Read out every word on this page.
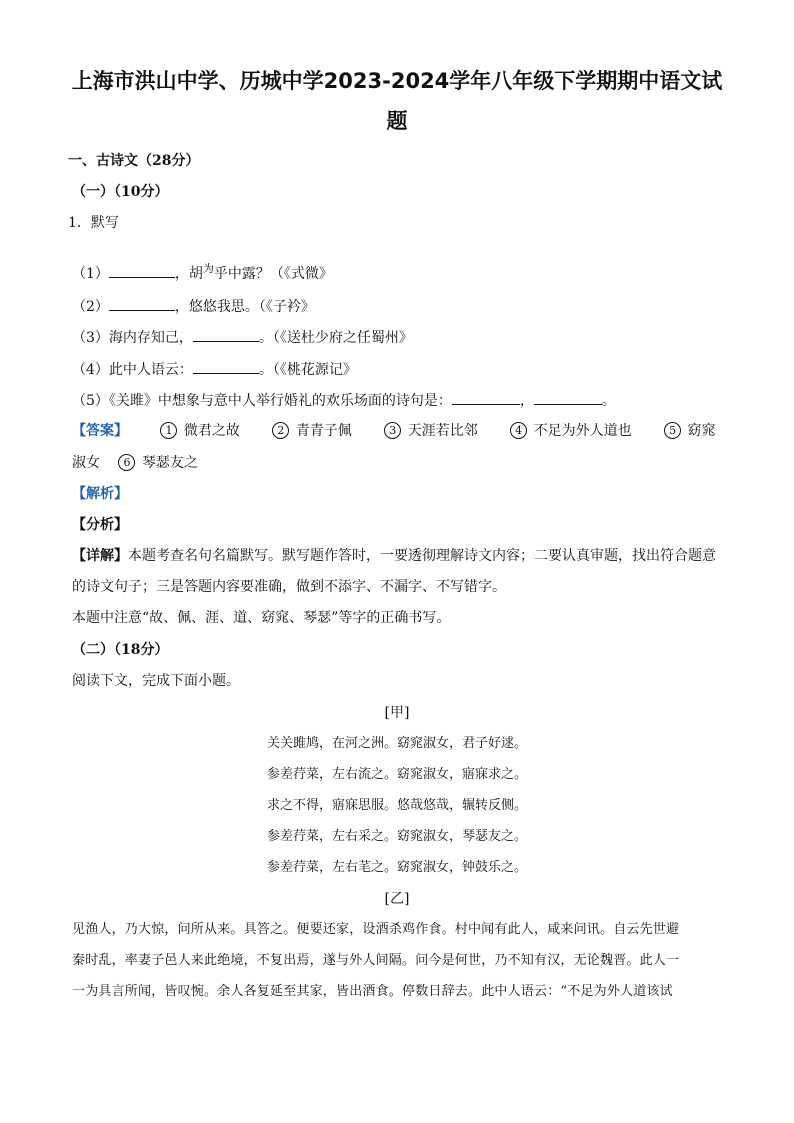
上海市洪山中学、历城中学2023-2024学年八年级下学期期中语文试
题
一、古诗文（28分）
（一）（10分）
1．默写
（1）	，胡$^为$乎中露？（《式微》
（2）	，悠悠我思。（《子衿》
（3）海内存知己，	。（《送杜少府之任蜀州》
（4）此中人语云：	。（《桃花源记》
（5）《关雎》中想象与意中人举行婚礼的欢乐场面的诗句是：	，	。
【答案】	1 微君之故	2 青青子佩	3 天涯若比邻	4 不足为外人道也	5 窈窕
淑女 6 琴瑟友之
【解析】
【分析】
【详解】本题考查名句名篇默写。默写题作答时，一要透彻理解诗文内容；二要认真审题，找出符合题意
的诗文句子；三是答题内容要准确，做到不添字、不漏字、不写错字。
本题中注意“故、佩、涯、道、窈窕、琴瑟”等字的正确书写。
（二）（18分）
阅读下文，完成下面小题。
[甲]
关关雎鸠，在河之洲。窈窕淑女，君子好逑。
参差荇菜，左右流之。窈窕淑女，寤寐求之。
求之不得，寤寐思服。悠哉悠哉，辗转反侧。
参差荇菜，左右采之。窈窕淑女，琴瑟友之。
参差荇菜，左右芼之。窈窕淑女，钟鼓乐之。
[乙]
见渔人，乃大惊，问所从来。具答之。便要还家，设酒杀鸡作食。村中闻有此人，咸来问讯。自云先世避
秦时乱，率妻子邑人来此绝境，不复出焉，遂与外人间隔。问今是何世，乃不知有汉，无论魏晋。此人一
一为具言所闻，皆叹惋。余人各复延至其家，皆出酒食。停数日辞去。此中人语云：“不足为外人道该试
